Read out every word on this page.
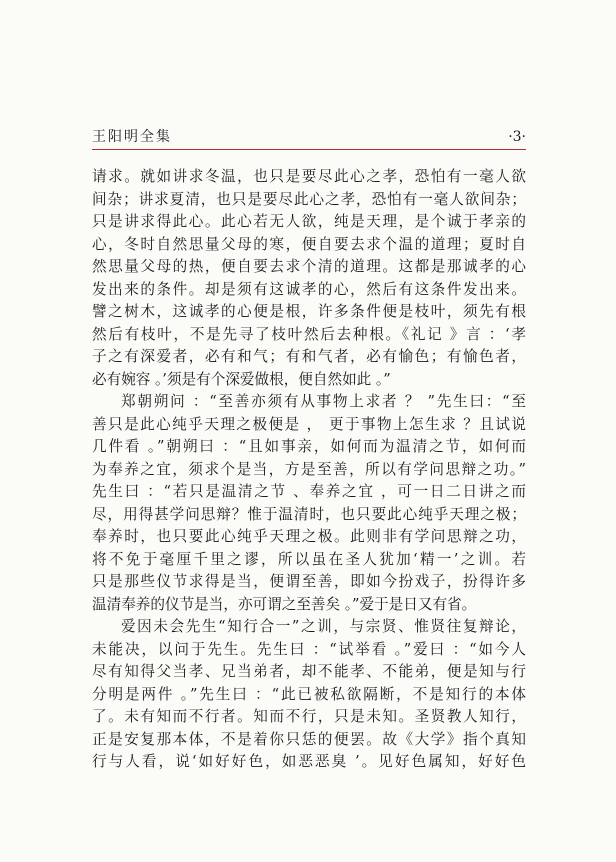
王阳明全集	·3·
请求。就如讲求冬温，也只是要尽此心之孝，恐怕有一毫人欲
间杂；讲求夏清，也只是要尽此心之孝，恐怕有一毫人欲间杂；
只是讲求得此心。此心若无人欲，纯是天理，是个诚于孝亲的
心，冬时自然思量父母的寒，便自要去求个温的道理；夏时自
然思量父母的热，便自要去求个清的道理。这都是那诚孝的心
发出来的条件。却是须有这诚孝的心，然后有这条件发出来。
譬之树木，这诚孝的心便是根，许多条件便是枝叶，须先有根
然后有枝叶，不是先寻了枝叶然后去种根。《礼记 》言 ：‘孝
子之有深爱者，必有和气；有和气者，必有愉色；有愉色者，
必有婉容 。’须是有个深爱做根，便自然如此 。”
郑朝朔问 ：“至善亦须有从事物上求者 ？ ”先生曰：“至
善只是此心纯乎天理之极便是 ， 更于事物上怎生求 ？且试说
几件看 。”朝朔曰 ：“且如事亲，如何而为温清之节，如何而
为奉养之宜，须求个是当，方是至善，所以有学问思辩之功。”
先生曰 ：“若只是温清之节 、奉养之宜 ，可一日二日讲之而
尽，用得甚学问思辩？惟于温清时，也只要此心纯乎天理之极；
奉养时，也只要此心纯乎天理之极。此则非有学问思辩之功，
将不免于毫厘千里之谬，所以虽在圣人犹加‘精一’之训。若
只是那些仪节求得是当，便谓至善，即如今扮戏子，扮得许多
温清奉养的仪节是当，亦可谓之至善矣 。”爱于是日又有省。
爱因未会先生“知行合一”之训，与宗贤、惟贤往复辩论，
未能决，以问于先生。先生曰 ：“试举看 。”爱曰 ：“如今人
尽有知得父当孝、兄当弟者，却不能孝、不能弟，便是知与行
分明是两件 。”先生曰 ：“此已被私欲隔断，不是知行的本体
了。未有知而不行者。知而不行，只是未知。圣贤教人知行，
正是安复那本体，不是着你只恁的便罢。故《大学》指个真知
行与人看，说‘如好好色，如恶恶臭 ’。见好色属知，好好色
